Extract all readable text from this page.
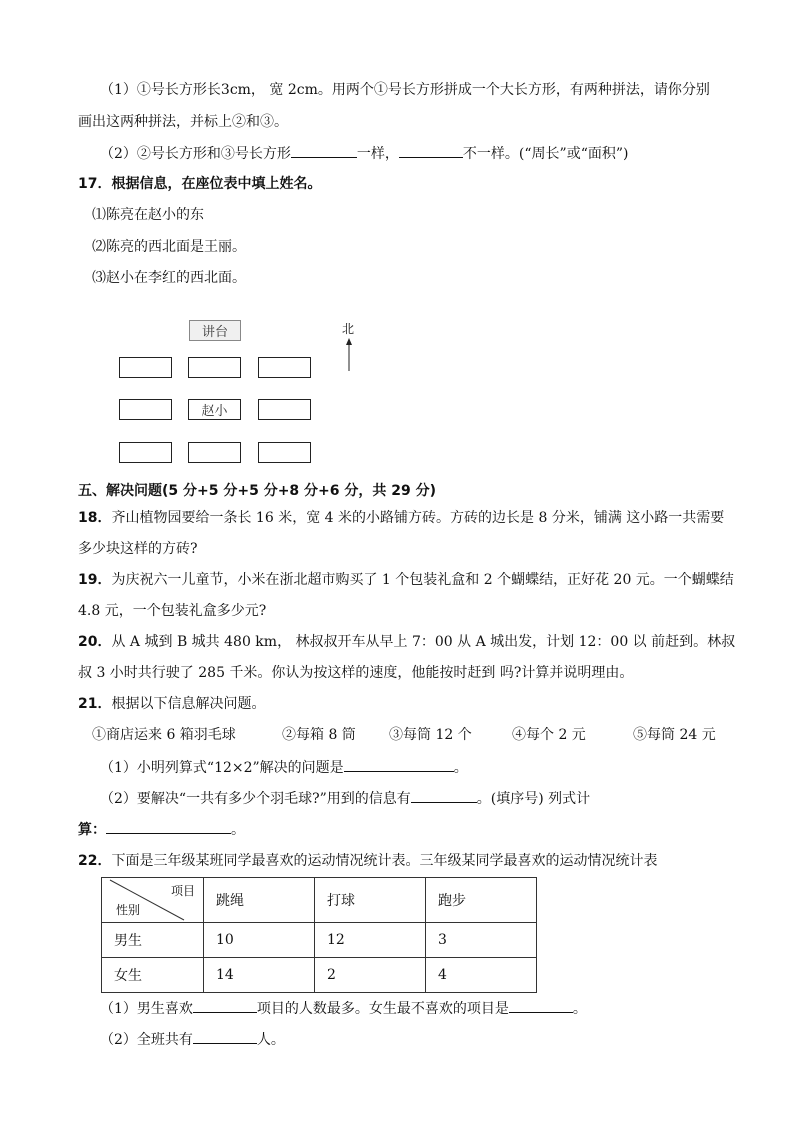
（1）①号长方形长3cm， 宽 2cm。用两个①号长方形拼成一个大长方形，有两种拼法，请你分别
画出这两种拼法，并标上②和③。
（2）②号长方形和③号长方形	一样，	不一样。(“周长”或“面积”)
17．根据信息，在座位表中填上姓名。
⑴陈亮在赵小的东
⑵陈亮的西北面是王丽。
⑶赵小在李红的西北面。
讲台	北
赵小
五、解决问题(5 分+5 分+5 分+8 分+6 分，共 29 分)
18．齐山植物园要给一条长 16 米，宽 4 米的小路铺方砖。方砖的边长是 8 分米，铺满 这小路一共需要
多少块这样的方砖?
19．为庆祝六一儿童节，小米在浙北超市购买了 1 个包装礼盒和 2 个蝴蝶结，正好花 20 元。一个蝴蝶结
4.8 元，一个包装礼盒多少元?
20．从 A 城到 B 城共 480 km， 林叔叔开车从早上 7：00 从 A 城出发，计划 12：00 以 前赶到。林叔
叔 3 小时共行驶了 285 千米。你认为按这样的速度，他能按时赶到 吗?计算并说明理由。
21．根据以下信息解决问题。
①商店运来 6 箱羽毛球	②每箱 8 筒 ③每筒 12 个	④每个 2 元	⑤每筒 24 元
（1）小明列算式“12×2”解决的问题是	。
（2）要解决“一共有多少个羽毛球?”用到的信息有	。(填序号) 列式计
算：	。
22．下面是三年级某班同学最喜欢的运动情况统计表。三年级某同学最喜欢的运动情况统计表
项目
性别	跳绳	打球	跑步
男生	10	12	3
女生	14	2	4
（1）男生喜欢	项目的人数最多。女生最不喜欢的项目是	。
（2）全班共有	人。
